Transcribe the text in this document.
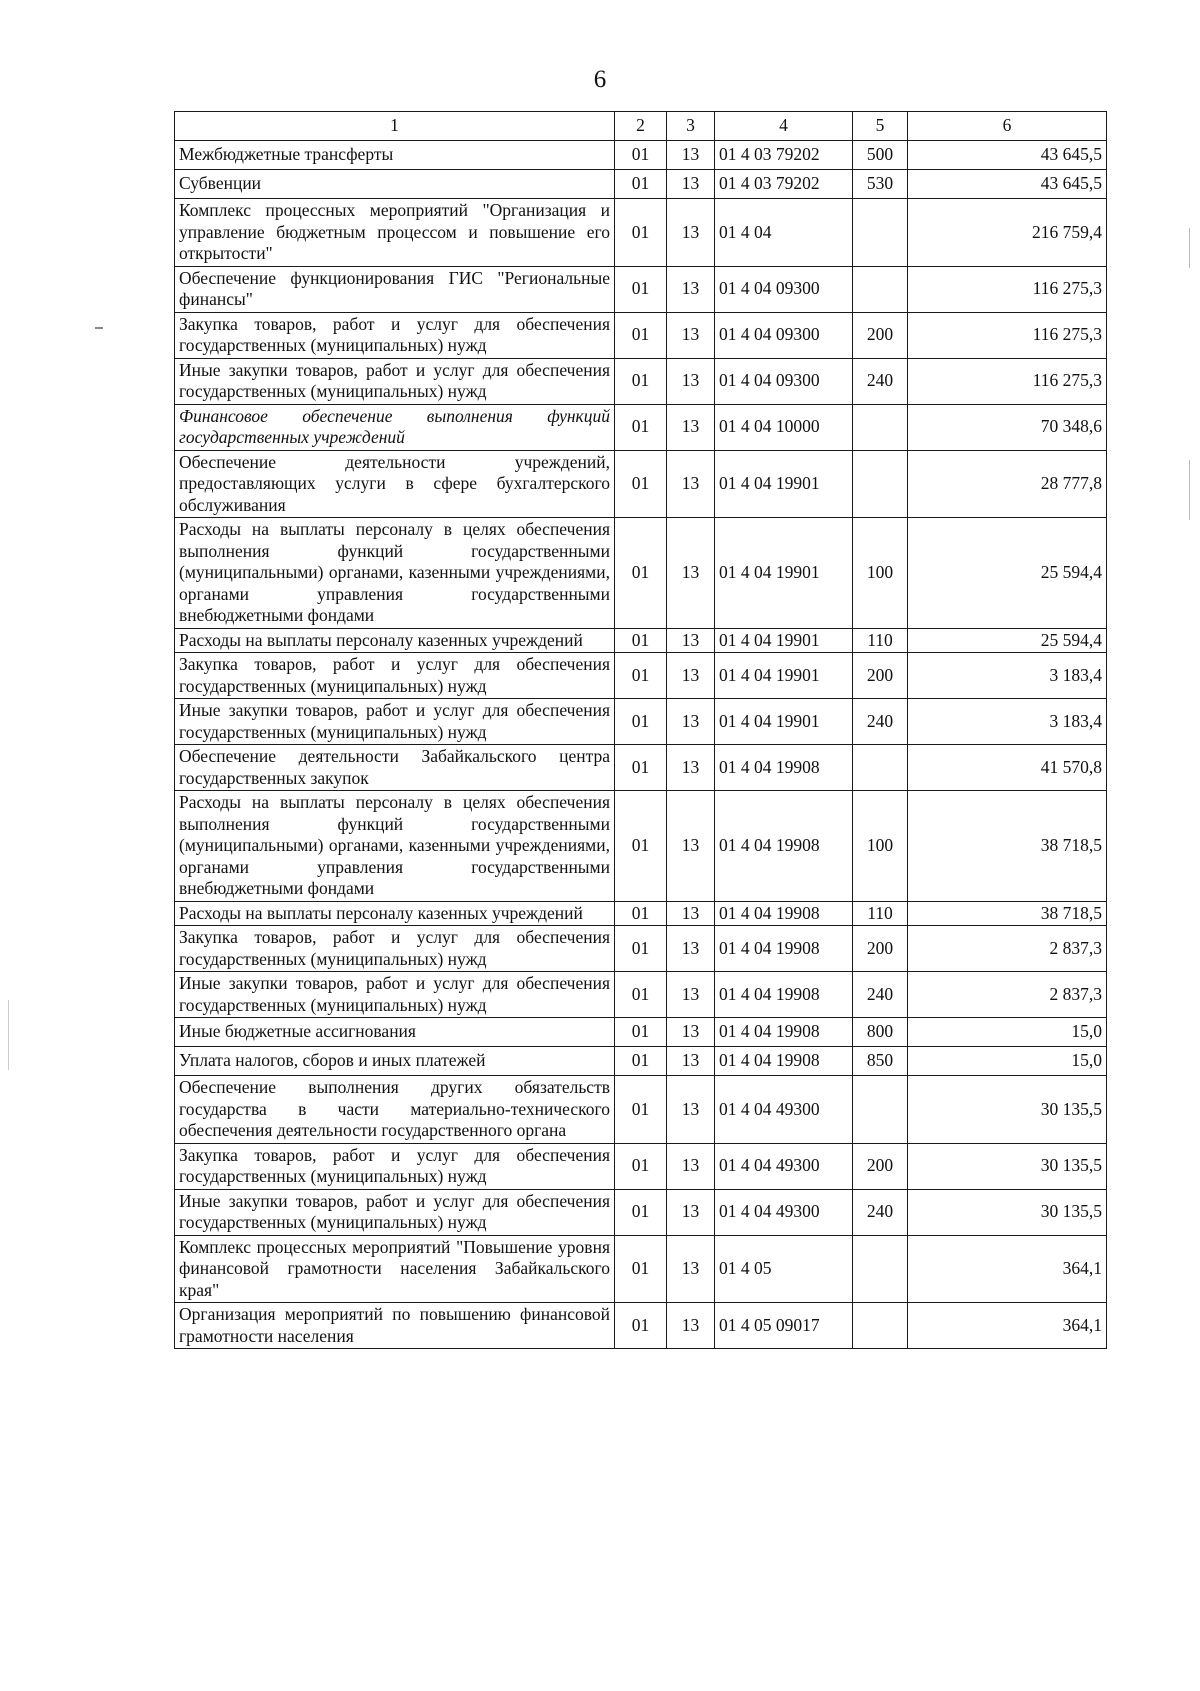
6
1	2	3	4	5	6
Межбюджетные трансферты	01	13	01 4 03 79202	500	43 645,5
Субвенции	01	13	01 4 03 79202	530	43 645,5
Комплекс процессных мероприятий "Организация и управление бюджетным процессом и повышение его открытости"	01	13	01 4 04		216 759,4
Обеспечение функционирования ГИС "Региональные финансы"	01	13	01 4 04 09300		116 275,3
Закупка товаров, работ и услуг для обеспечения государственных (муниципальных) нужд	01	13	01 4 04 09300	200	116 275,3
Иные закупки товаров, работ и услуг для обеспечения государственных (муниципальных) нужд	01	13	01 4 04 09300	240	116 275,3
Финансовое обеспечение выполнения функций государственных учреждений	01	13	01 4 04 10000		70 348,6
Обеспечение деятельности учреждений, предоставляющих услуги в сфере бухгалтерского обслуживания	01	13	01 4 04 19901		28 777,8
Расходы на выплаты персоналу в целях обеспечения выполнения функций государственными (муниципальными) органами, казенными учреждениями, органами управления государственными внебюджетными фондами	01	13	01 4 04 19901	100	25 594,4
Расходы на выплаты персоналу казенных учреждений	01	13	01 4 04 19901	110	25 594,4
Закупка товаров, работ и услуг для обеспечения государственных (муниципальных) нужд	01	13	01 4 04 19901	200	3 183,4
Иные закупки товаров, работ и услуг для обеспечения государственных (муниципальных) нужд	01	13	01 4 04 19901	240	3 183,4
Обеспечение деятельности Забайкальского центра государственных закупок	01	13	01 4 04 19908		41 570,8
Расходы на выплаты персоналу в целях обеспечения выполнения функций государственными (муниципальными) органами, казенными учреждениями, органами управления государственными внебюджетными фондами	01	13	01 4 04 19908	100	38 718,5
Расходы на выплаты персоналу казенных учреждений	01	13	01 4 04 19908	110	38 718,5
Закупка товаров, работ и услуг для обеспечения государственных (муниципальных) нужд	01	13	01 4 04 19908	200	2 837,3
Иные закупки товаров, работ и услуг для обеспечения государственных (муниципальных) нужд	01	13	01 4 04 19908	240	2 837,3
Иные бюджетные ассигнования	01	13	01 4 04 19908	800	15,0
Уплата налогов, сборов и иных платежей	01	13	01 4 04 19908	850	15,0
Обеспечение выполнения других обязательств государства в части материально-технического обеспечения деятельности государственного органа	01	13	01 4 04 49300		30 135,5
Закупка товаров, работ и услуг для обеспечения государственных (муниципальных) нужд	01	13	01 4 04 49300	200	30 135,5
Иные закупки товаров, работ и услуг для обеспечения государственных (муниципальных) нужд	01	13	01 4 04 49300	240	30 135,5
Комплекс процессных мероприятий "Повышение уровня финансовой грамотности населения Забайкальского края"	01	13	01 4 05		364,1
Организация мероприятий по повышению финансовой грамотности населения	01	13	01 4 05 09017		364,1
